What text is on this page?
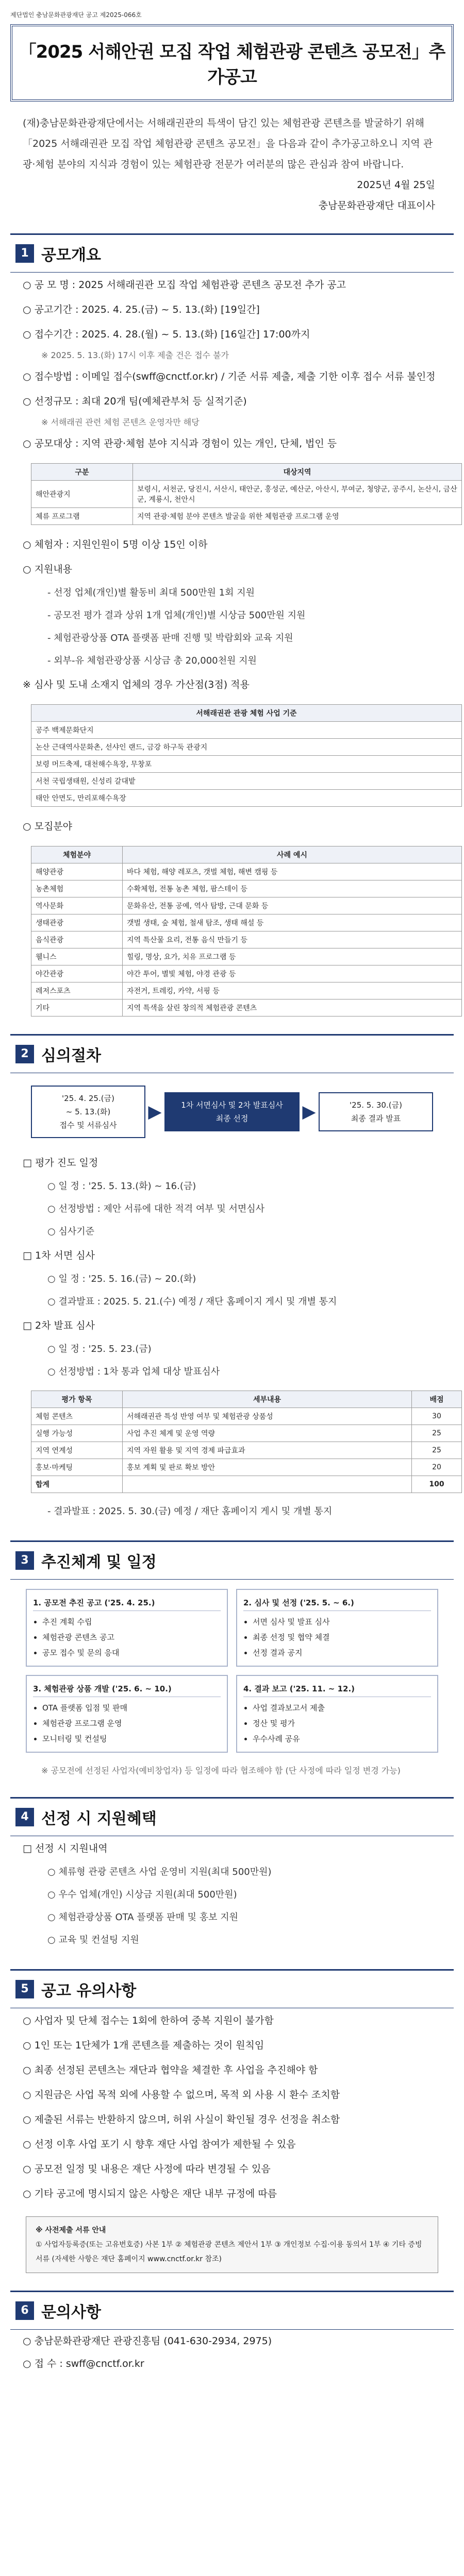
제단법인 충남문화관광재단 공고 제2025-066호
「2025 서해안권 모집 작업 체험관광 콘텐츠 공모전」추가공고
(재)충남문화관광재단에서는 서해래권관의 특색이 담긴 있는 체험관광 콘텐츠를 발굴하기 위해 「2025 서해래권관 모집 작업 체험관광 콘텐츠 공모전」을 다음과 같이 추가공고하오니 지역 관광·체험 분야의 지식과 경험이 있는 체험관광 전문가 여러분의 많은 관심과 참여 바랍니다.
2025년 4월 25일
충남문화관광재단 대표이사
1 공모개요
○ 공 모 명 : 2025 서해래권관 모집 작업 체험관광 콘텐츠 공모전 추가 공고
○ 공고기간 : 2025. 4. 25.(금) ~ 5. 13.(화) [19일간]
○ 접수기간 : 2025. 4. 28.(월) ~ 5. 13.(화) [16일간] 17:00까지
※ 2025. 5. 13.(화) 17시 이후 제출 건은 접수 불가
○ 접수방법 : 이메일 접수(swff@cnctf.or.kr) / 기준 서류 제출, 제출 기한 이후 접수 서류 불인정
○ 선정규모 : 최대 20개 팀(예체관부처 등 실적기준)
※ 서해래권 관련 체험 콘텐츠 운영자만 해당
○ 공모대상 : 지역 관광·체험 분야 지식과 경험이 있는 개인, 단체, 법인 등
구분	대상지역
해안관광지	보령시, 서천군, 당진시, 서산시, 태안군, 홍성군, 예산군, 아산시, 부여군, 청양군, 공주시, 논산시, 금산군, 계룡시, 천안시
체류 프로그램	지역 관광·체험 분야 콘텐츠 발굴을 위한 체험관광 프로그램 운영
○ 체험자 : 지원인원이 5명 이상 15인 이하
○ 지원내용
- 선정 업체(개인)별 활동비 최대 500만원 1회 지원
- 공모전 평가 결과 상위 1개 업체(개인)별 시상금 500만원 지원
- 체험관광상품 OTA 플랫폼 판매 진행 및 박람회와 교육 지원
- 외부-유 체험관광상품 시상금 총 20,000천원 지원
※ 심사 및 도내 소재지 업체의 경우 가산점(3점) 적용
서해래권관 관광 체험 사업 기준
공주 백제문화단지
논산 근대역사문화촌, 선샤인 랜드, 금강 하구둑 관광지
보령 머드축제, 대천해수욕장, 무창포
서천 국립생태원, 신성리 갈대밭
태안 안면도, 만리포해수욕장
○ 모집분야
체험분야	사례 예시
해양관광	바다 체험, 해양 레포츠, 갯벌 체험, 해변 캠핑 등
농촌체험	수확체험, 전통 농촌 체험, 팜스테이 등
역사문화	문화유산, 전통 공예, 역사 탐방, 근대 문화 등
생태관광	갯벌 생태, 숲 체험, 철새 탐조, 생태 해설 등
음식관광	지역 특산물 요리, 전통 음식 만들기 등
웰니스	힐링, 명상, 요가, 치유 프로그램 등
야간관광	야간 투어, 별빛 체험, 야경 관광 등
레저스포츠	자전거, 트레킹, 카약, 서핑 등
기타	지역 특색을 살린 창의적 체험관광 콘텐츠
2 심의절차
'25. 4. 25.(금)
~ 5. 13.(화)
접수 및 서류심사
▶	1차 서면심사 및 2차 발표심사
최종 선정	▶	'25. 5. 30.(금)
최종 결과 발표
□ 평가 진도 일정
○ 일 정 : '25. 5. 13.(화) ~ 16.(금)
○ 선정방법 : 제안 서류에 대한 적격 여부 및 서면심사
○ 심사기준
□ 1차 서면 심사
○ 일 정 : '25. 5. 16.(금) ~ 20.(화)
○ 결과발표 : 2025. 5. 21.(수) 예정 / 재단 홈페이지 게시 및 개별 통지
□ 2차 발표 심사
○ 일 정 : '25. 5. 23.(금)
○ 선정방법 : 1차 통과 업체 대상 발표심사
평가 항목	세부내용	배점
체험 콘텐츠	서해래권관 특성 반영 여부 및 체험관광 상품성	30
실행 가능성	사업 추진 체계 및 운영 역량	25
지역 연계성	지역 자원 활용 및 지역 경제 파급효과	25
홍보·마케팅	홍보 계획 및 판로 확보 방안	20
합계		100
- 결과발표 : 2025. 5. 30.(금) 예정 / 재단 홈페이지 게시 및 개별 통지
3 추진체계 및 일정
1. 공모전 추진 공고 ('25. 4. 25.)
• 추진 계획 수립
• 체험관광 콘텐츠 공고
• 공모 접수 및 문의 응대
2. 심사 및 선정 ('25. 5. ~ 6.)
• 서면 심사 및 발표 심사
• 최종 선정 및 협약 체결
• 선정 결과 공지
3. 체험관광 상품 개발 ('25. 6. ~ 10.)
• OTA 플랫폼 입점 및 판매
• 체험관광 프로그램 운영
• 모니터링 및 컨설팅
4. 결과 보고 ('25. 11. ~ 12.)
• 사업 결과보고서 제출
• 정산 및 평가
• 우수사례 공유
※ 공모전에 선정된 사업자(예비창업자) 등 일정에 따라 협조해야 함 (단 사정에 따라 일정 변경 가능)
4 선정 시 지원혜택
□ 선정 시 지원내역
○ 체류형 관광 콘텐츠 사업 운영비 지원(최대 500만원)
○ 우수 업체(개인) 시상금 지원(최대 500만원)
○ 체험관광상품 OTA 플랫폼 판매 및 홍보 지원
○ 교육 및 컨설팅 지원
5 공고 유의사항
○ 사업자 및 단체 접수는 1회에 한하여 중복 지원이 불가함
○ 1인 또는 1단체가 1개 콘텐츠를 제출하는 것이 원칙임
○ 최종 선정된 콘텐츠는 재단과 협약을 체결한 후 사업을 추진해야 함
○ 지원금은 사업 목적 외에 사용할 수 없으며, 목적 외 사용 시 환수 조치함
○ 제출된 서류는 반환하지 않으며, 허위 사실이 확인될 경우 선정을 취소함
○ 선정 이후 사업 포기 시 향후 재단 사업 참여가 제한될 수 있음
○ 공모전 일정 및 내용은 재단 사정에 따라 변경될 수 있음
○ 기타 공고에 명시되지 않은 사항은 재단 내부 규정에 따름
※ 사전제출 서류 안내
① 사업자등록증(또는 고유번호증) 사본 1부 ② 체험관광 콘텐츠 제안서 1부 ③ 개인정보 수집·이용 동의서 1부 ④ 기타 증빙 서류 (자세한 사항은 재단 홈페이지 www.cnctf.or.kr 참조)
6 문의사항
○ 충남문화관광재단 관광진흥팀 (041-630-2934, 2975)
○ 접 수 : swff@cnctf.or.kr
